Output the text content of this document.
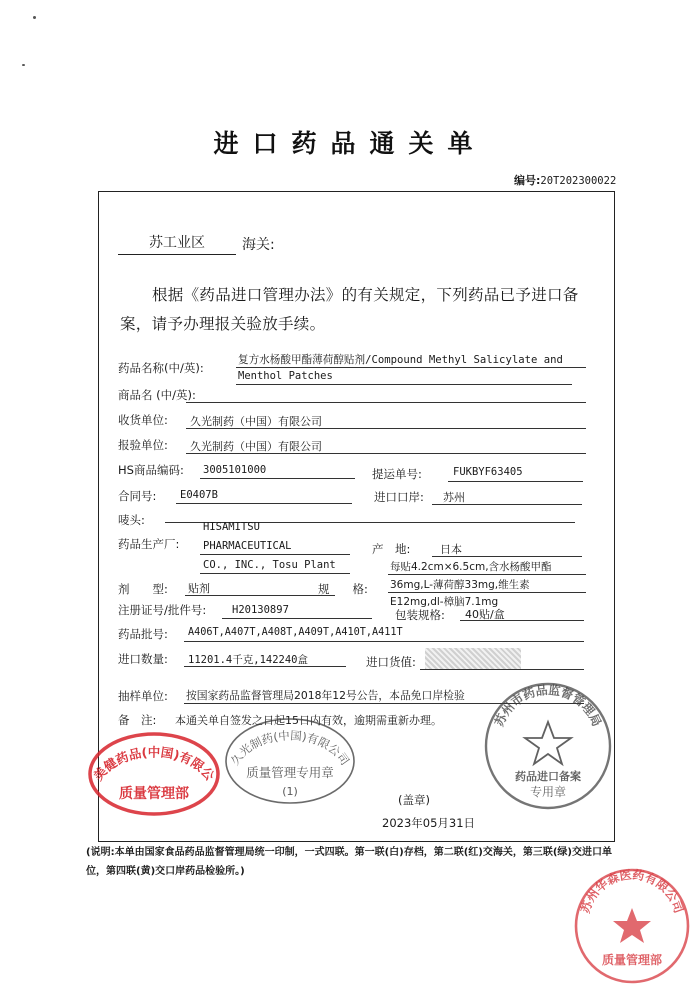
进口药品通关单
编号:20T202300022
苏工业区	海关:
根据《药品进口管理办法》的有关规定，下列药品已予进口备案，请予办理报关验放手续。
药品名称(中/英):
复方水杨酸甲酯薄荷醇贴剂/Compound Methyl Salicylate and
Menthol Patches
商品名 (中/英):
收货单位: 久光制药（中国）有限公司
报验单位: 久光制药（中国）有限公司
HS商品编码: 3005101000	提运单号:	FUKBYF63405
合同号: E0407B	进口口岸: 苏州
唛头:
药品生产厂:
HISAMITSU
PHARMACEUTICAL
CO., INC., Tosu Plant
产　地:	日本
剂　　型: 贴剂	规　　格:
每贴4.2cm×6.5cm,含水杨酸甲酯
36mg,L-薄荷醇33mg,维生素
E12mg,dl-樟脑7.1mg
注册证号/批件号: H20130897	包装规格: 40贴/盒
药品批号: A406T,A407T,A408T,A409T,A410T,A411T
进口数量: 11201.4千克,142240盒	进口货值:
抽样单位: 按国家药品监督管理局2018年12号公告，本品免口岸检验
备　注: 本通关单自签发之日起15日内有效，逾期需重新办理。
(盖章)
2023年05月31日
(说明:本单由国家食品药品监督管理局统一印制，一式四联。第一联(白)存档，第二联(红)交海关，第三联(绿)交进口单位，第四联(黄)交口岸药品检验所。)
美健药品(中国)有限公
质量管理部
久光制药(中国)有限公司
质量管理专用章
(1)
苏州市药品监督管理局
药品进口备案
专用章
苏州华森医药有限公司
质量管理部
